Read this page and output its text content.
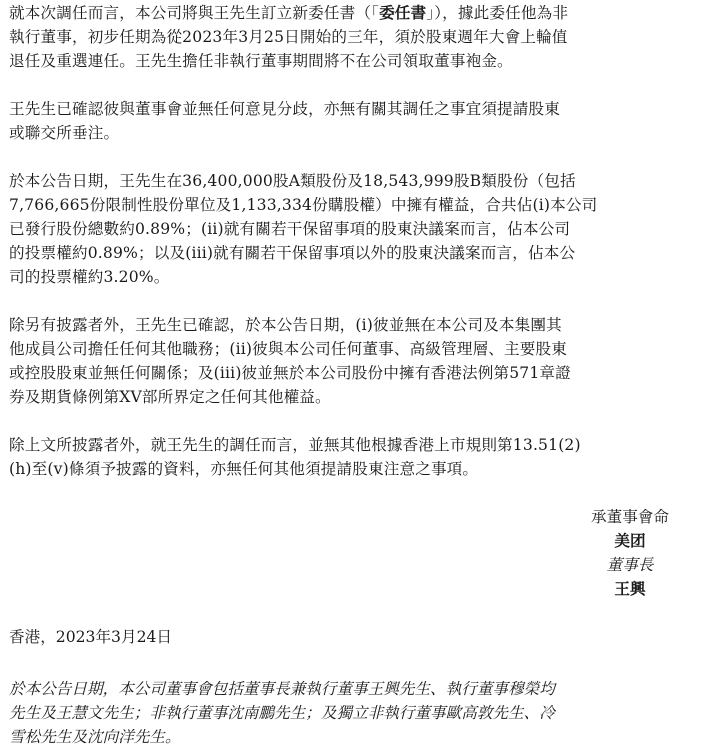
就本次調任而言，本公司將與王先生訂立新委任書（「委任書」），據此委任他為非
執行董事，初步任期為從2023年3月25日開始的三年，須於股東週年大會上輪值
退任及重選連任。王先生擔任非執行董事期間將不在公司領取董事袍金。
王先生已確認彼與董事會並無任何意見分歧，亦無有關其調任之事宜須提請股東
或聯交所垂注。
於本公告日期，王先生在36,400,000股A類股份及18,543,999股B類股份（包括
7,766,665份限制性股份單位及1,133,334份購股權）中擁有權益，合共佔(i)本公司
已發行股份總數約0.89%；(ii)就有關若干保留事項的股東決議案而言，佔本公司
的投票權約0.89%；以及(iii)就有關若干保留事項以外的股東決議案而言，佔本公
司的投票權約3.20%。
除另有披露者外，王先生已確認，於本公告日期，(i)彼並無在本公司及本集團其
他成員公司擔任任何其他職務；(ii)彼與本公司任何董事、高級管理層、主要股東
或控股股東並無任何關係；及(iii)彼並無於本公司股份中擁有香港法例第571章證
券及期貨條例第XV部所界定之任何其他權益。
除上文所披露者外，就王先生的調任而言，並無其他根據香港上市規則第13.51(2)
(h)至(v)條須予披露的資料，亦無任何其他須提請股東注意之事項。
承董事會命
美团
董事長
王興
香港，2023年3月24日
於本公告日期，本公司董事會包括董事長兼執行董事王興先生、執行董事穆榮均
先生及王慧文先生；非執行董事沈南鵬先生；及獨立非執行董事歐高敦先生、冷
雪松先生及沈向洋先生。
